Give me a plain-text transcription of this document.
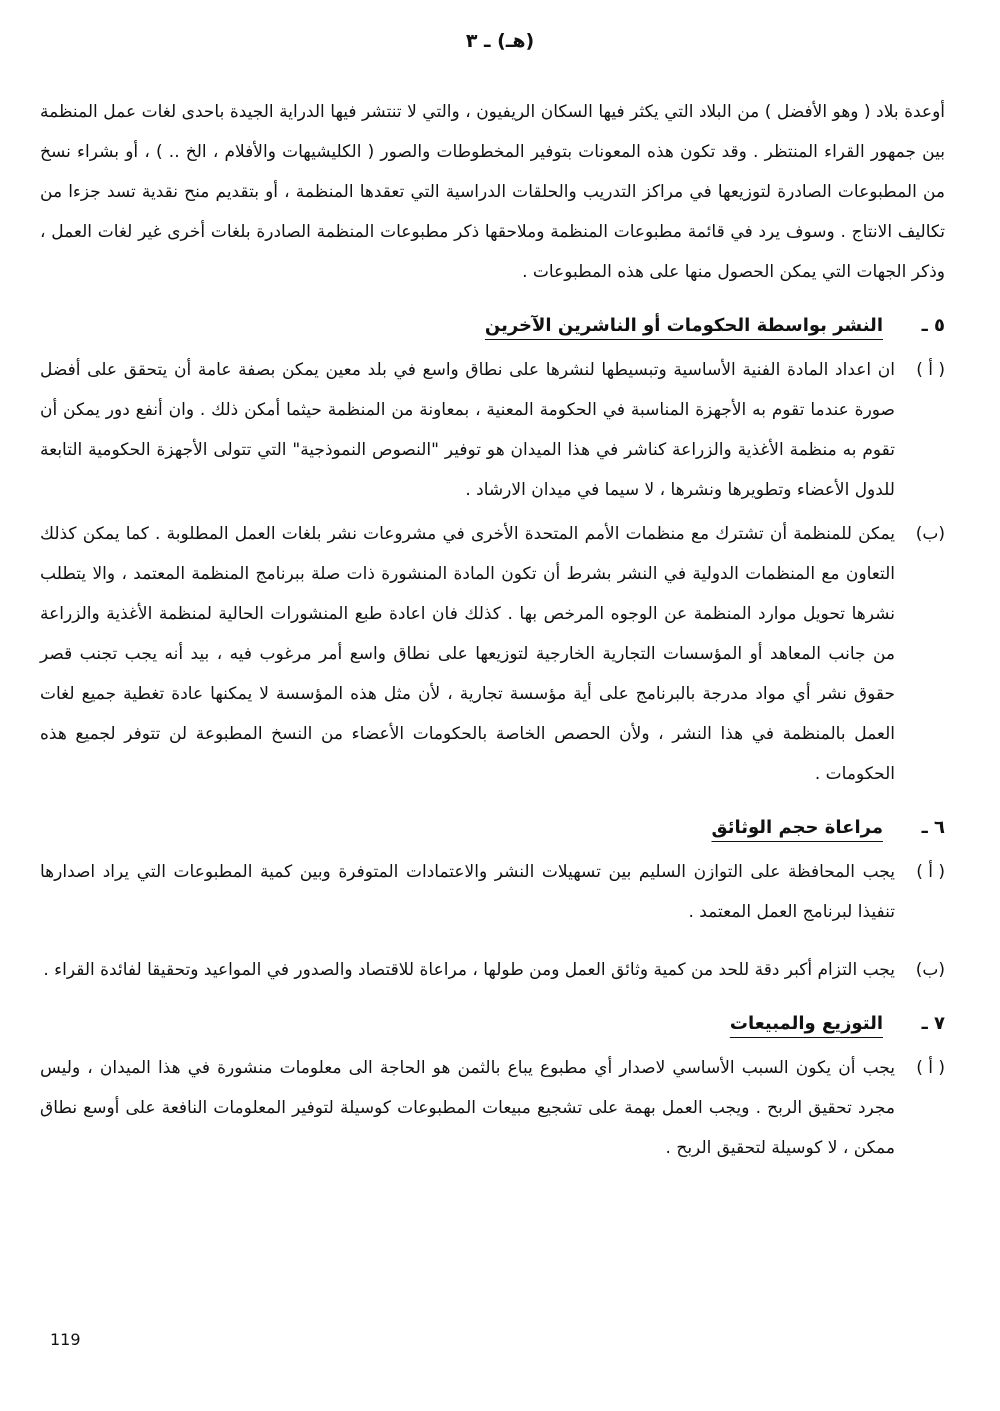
(هـ) ـ ٣

أوعدة بلاد ( وهو الأفضل ) من البلاد التي يكثر فيها السكان الريفيون ، والتي لا تنتشر فيها الدراية الجيدة باحدى لغات عمل المنظمة بين جمهور القراء المنتظر . وقد تكون هذه المعونات بتوفير المخطوطات والصور ( الكليشيهات والأفلام ، الخ .. ) ، أو بشراء نسخ من المطبوعات الصادرة لتوزيعها في مراكز التدريب والحلقات الدراسية التي تعقدها المنظمة ، أو بتقديم منح نقدية تسد جزءا من تكاليف الانتاج . وسوف يرد في قائمة مطبوعات المنظمة وملاحقها ذكر مطبوعات المنظمة الصادرة بلغات أخرى غير لغات العمل ، وذكر الجهات التي يمكن الحصول منها على هذه المطبوعات .

٥ ـ
النشر بواسطة الحكومات أو الناشرين الآخرين
( أ )

ان اعداد المادة الفنية الأساسية وتبسيطها لنشرها على نطاق واسع في بلد معين يمكن بصفة عامة أن يتحقق على أفضل صورة عندما تقوم به الأجهزة المناسبة في الحكومة المعنية ، بمعاونة من المنظمة حيثما أمكن ذلك . وان أنفع دور يمكن أن تقوم به منظمة الأغذية والزراعة كناشر في هذا الميدان هو توفير "النصوص النموذجية" التي تتولى الأجهزة الحكومية التابعة للدول الأعضاء وتطويرها ونشرها ، لا سيما في ميدان الارشاد .

(ب)

يمكن للمنظمة أن تشترك مع منظمات الأمم المتحدة الأخرى في مشروعات نشر بلغات العمل المطلوبة . كما يمكن كذلك التعاون مع المنظمات الدولية في النشر بشرط أن تكون المادة المنشورة ذات صلة ببرنامج المنظمة المعتمد ، والا يتطلب نشرها تحويل موارد المنظمة عن الوجوه المرخص بها . كذلك فان اعادة طبع المنشورات الحالية لمنظمة الأغذية والزراعة من جانب المعاهد أو المؤسسات التجارية الخارجية لتوزيعها على نطاق واسع أمر مرغوب فيه ، بيد أنه يجب تجنب قصر حقوق نشر أي مواد مدرجة بالبرنامج على أية مؤسسة تجارية ، لأن مثل هذه المؤسسة لا يمكنها عادة تغطية جميع لغات العمل بالمنظمة في هذا النشر ، ولأن الحصص الخاصة بالحكومات الأعضاء من النسخ المطبوعة لن تتوفر لجميع هذه الحكومات .

٦ ـ
مراعاة حجم الوثائق
( أ )

يجب المحافظة على التوازن السليم بين تسهيلات النشر والاعتمادات المتوفرة وبين كمية المطبوعات التي يراد اصدارها تنفيذا لبرنامج العمل المعتمد .

(ب)

يجب التزام أكبر دقة للحد من كمية وثائق العمل ومن طولها ، مراعاة للاقتصاد والصدور في المواعيد وتحقيقا لفائدة القراء .

٧ ـ
التوزيع والمبيعات
( أ )

يجب أن يكون السبب الأساسي لاصدار أي مطبوع يباع بالثمن هو الحاجة الى معلومات منشورة في هذا الميدان ، وليس مجرد تحقيق الربح . ويجب العمل بهمة على تشجيع مبيعات المطبوعات كوسيلة لتوفير المعلومات النافعة على أوسع نطاق ممكن ، لا كوسيلة لتحقيق الربح .

119
